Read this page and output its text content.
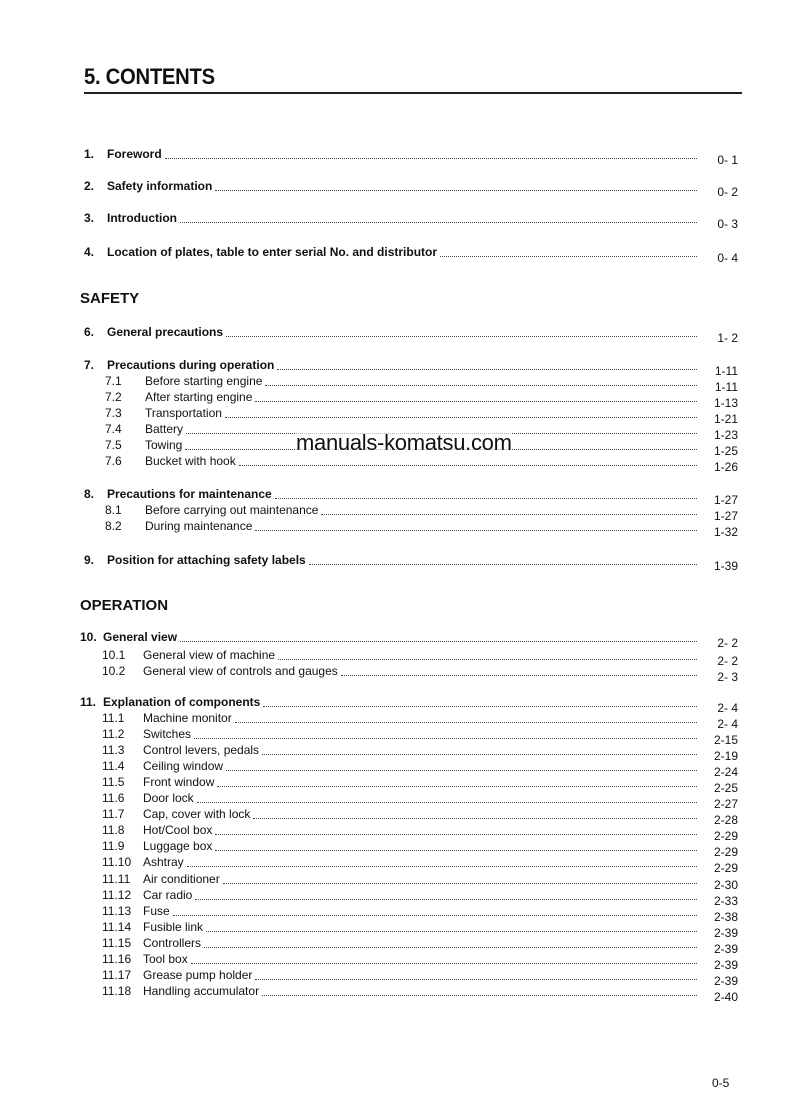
5. CONTENTS
1.	Foreword	0- 1
2.	Safety information	0- 2
3.	Introduction	0- 3
4.	Location of plates, table to enter serial No. and distributor	0- 4
SAFETY
6.	General precautions	1- 2
7.	Precautions during operation	1-11
7.1	Before starting engine	1-11
7.2	After starting engine	1-13
7.3	Transportation	1-21
7.4	Battery	1-23
7.5	Towing	1-25
7.6	Bucket with hook	1-26
8.	Precautions for maintenance	1-27
8.1	Before carrying out maintenance	1-27
8.2	During maintenance	1-32
9.	Position for attaching safety labels	1-39
OPERATION
10. General view	2- 2
10.1	General view of machine	2- 2
10.2	General view of controls and gauges	2- 3
11. Explanation of components	2- 4
11.1	Machine monitor	2- 4
11.2	Switches	2-15
11.3	Control levers, pedals	2-19
11.4	Ceiling window	2-24
11.5	Front window	2-25
11.6	Door lock	2-27
11.7	Cap, cover with lock	2-28
11.8	Hot/Cool box	2-29
11.9	Luggage box	2-29
11.10 Ashtray	2-29
11.11	Air conditioner	2-30
11.12 Car radio	2-33
11.13 Fuse	2-38
11.14 Fusible link	2-39
11.15 Controllers	2-39
11.16 Tool box	2-39
11.17 Grease pump holder	2-39
11.18 Handling accumulator	2-40
manuals-komatsu.com
0-5
